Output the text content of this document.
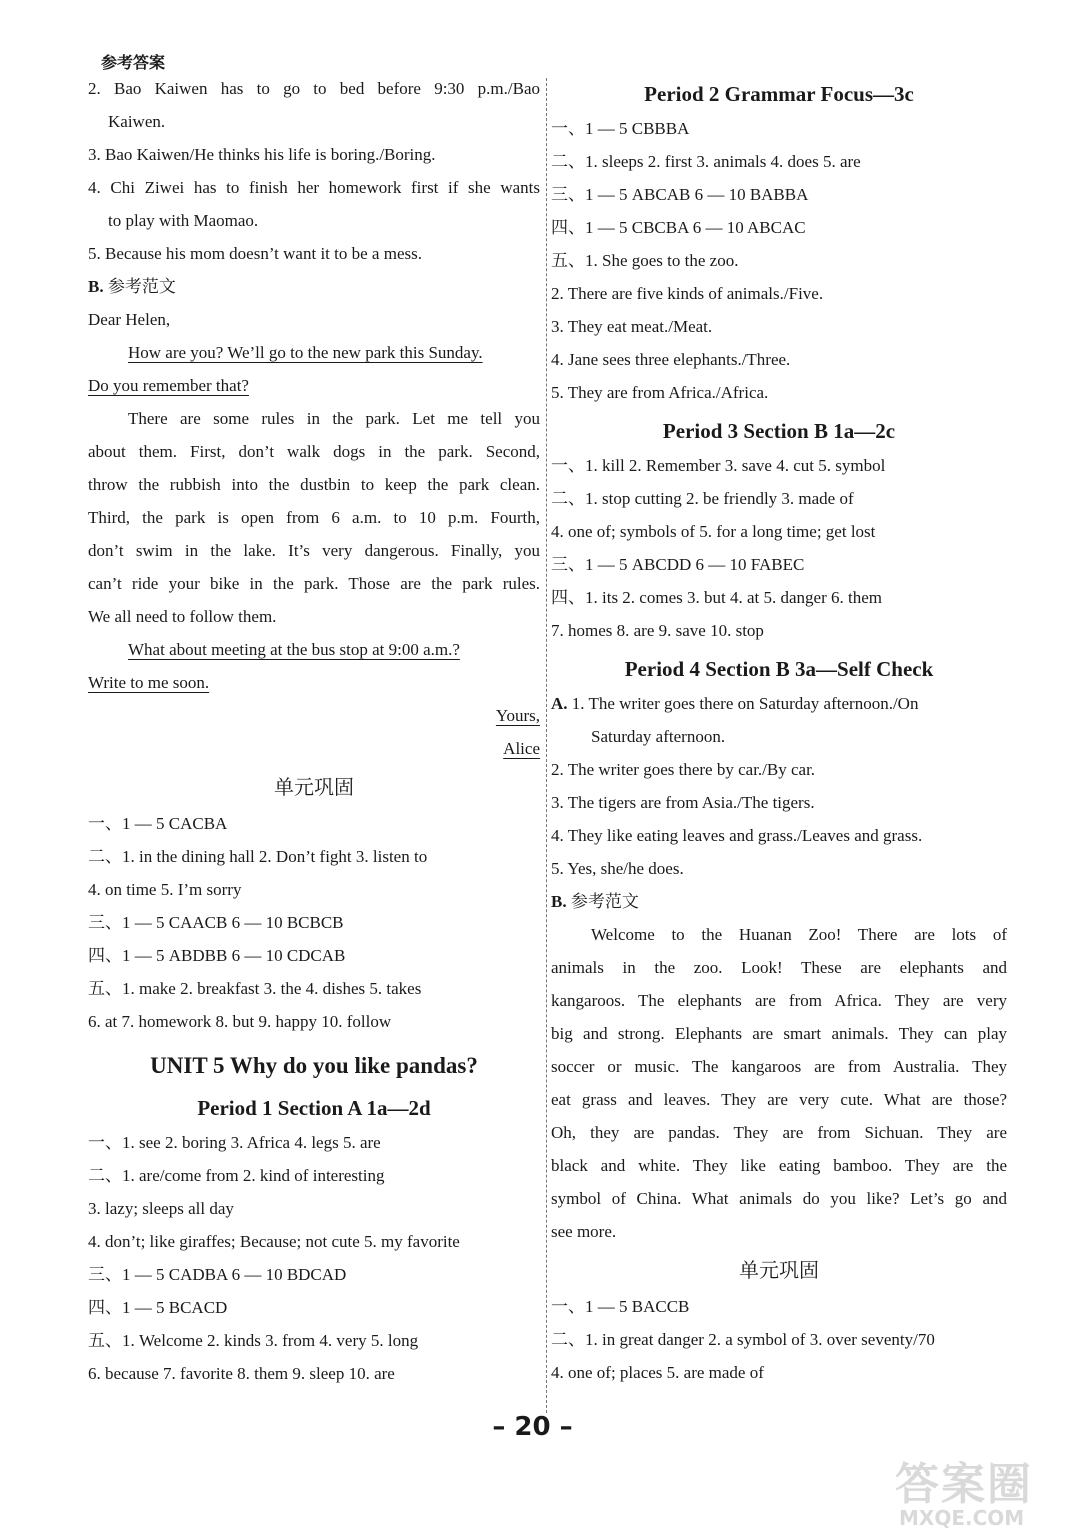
参考答案
2. Bao Kaiwen has to go to bed before 9:30 p.m./Bao
Kaiwen.
3. Bao Kaiwen/He thinks his life is boring./Boring.
4. Chi Ziwei has to finish her homework first if she wants
to play with Maomao.
5. Because his mom doesn’t want it to be a mess.
B. 参考范文
Dear Helen,
How are you? We’ll go to the new park this Sunday.
Do you remember that?
There are some rules in the park. Let me tell you
about them. First, don’t walk dogs in the park. Second,
throw the rubbish into the dustbin to keep the park clean.
Third, the park is open from 6 a.m. to 10 p.m. Fourth,
don’t swim in the lake. It’s very dangerous. Finally, you
can’t ride your bike in the park. Those are the park rules.
We all need to follow them.
What about meeting at the bus stop at 9:00 a.m.?
Write to me soon.
Yours,
Alice
单元巩固
一、1 — 5 CACBA
二、1. in the dining hall 2. Don’t fight 3. listen to
4. on time 5. I’m sorry
三、1 — 5 CAACB 6 — 10 BCBCB
四、1 — 5 ABDBB 6 — 10 CDCAB
五、1. make 2. breakfast 3. the 4. dishes 5. takes
6. at 7. homework 8. but 9. happy 10. follow
UNIT 5 Why do you like pandas?
Period 1 Section A 1a—2d
一、1. see 2. boring 3. Africa 4. legs 5. are
二、1. are/come from 2. kind of interesting
3. lazy; sleeps all day
4. don’t; like giraffes; Because; not cute 5. my favorite
三、1 — 5 CADBA 6 — 10 BDCAD
四、1 — 5 BCACD
五、1. Welcome 2. kinds 3. from 4. very 5. long
6. because 7. favorite 8. them 9. sleep 10. are
Period 2 Grammar Focus—3c
一、1 — 5 CBBBA
二、1. sleeps 2. first 3. animals 4. does 5. are
三、1 — 5 ABCAB 6 — 10 BABBA
四、1 — 5 CBCBA 6 — 10 ABCAC
五、1. She goes to the zoo.
2. There are five kinds of animals./Five.
3. They eat meat./Meat.
4. Jane sees three elephants./Three.
5. They are from Africa./Africa.
Period 3 Section B 1a—2c
一、1. kill 2. Remember 3. save 4. cut 5. symbol
二、1. stop cutting 2. be friendly 3. made of
4. one of; symbols of 5. for a long time; get lost
三、1 — 5 ABCDD 6 — 10 FABEC
四、1. its 2. comes 3. but 4. at 5. danger 6. them
7. homes 8. are 9. save 10. stop
Period 4 Section B 3a—Self Check
A. 1. The writer goes there on Saturday afternoon./On
Saturday afternoon.
2. The writer goes there by car./By car.
3. The tigers are from Asia./The tigers.
4. They like eating leaves and grass./Leaves and grass.
5. Yes, she/he does.
B. 参考范文
Welcome to the Huanan Zoo! There are lots of
animals in the zoo. Look! These are elephants and
kangaroos. The elephants are from Africa. They are very
big and strong. Elephants are smart animals. They can play
soccer or music. The kangaroos are from Australia. They
eat grass and leaves. They are very cute. What are those?
Oh, they are pandas. They are from Sichuan. They are
black and white. They like eating bamboo. They are the
symbol of China. What animals do you like? Let’s go and
see more.
单元巩固
一、1 — 5 BACCB
二、1. in great danger 2. a symbol of 3. over seventy/70
4. one of; places 5. are made of
– 20 –
答案圈
MXQE.COM
